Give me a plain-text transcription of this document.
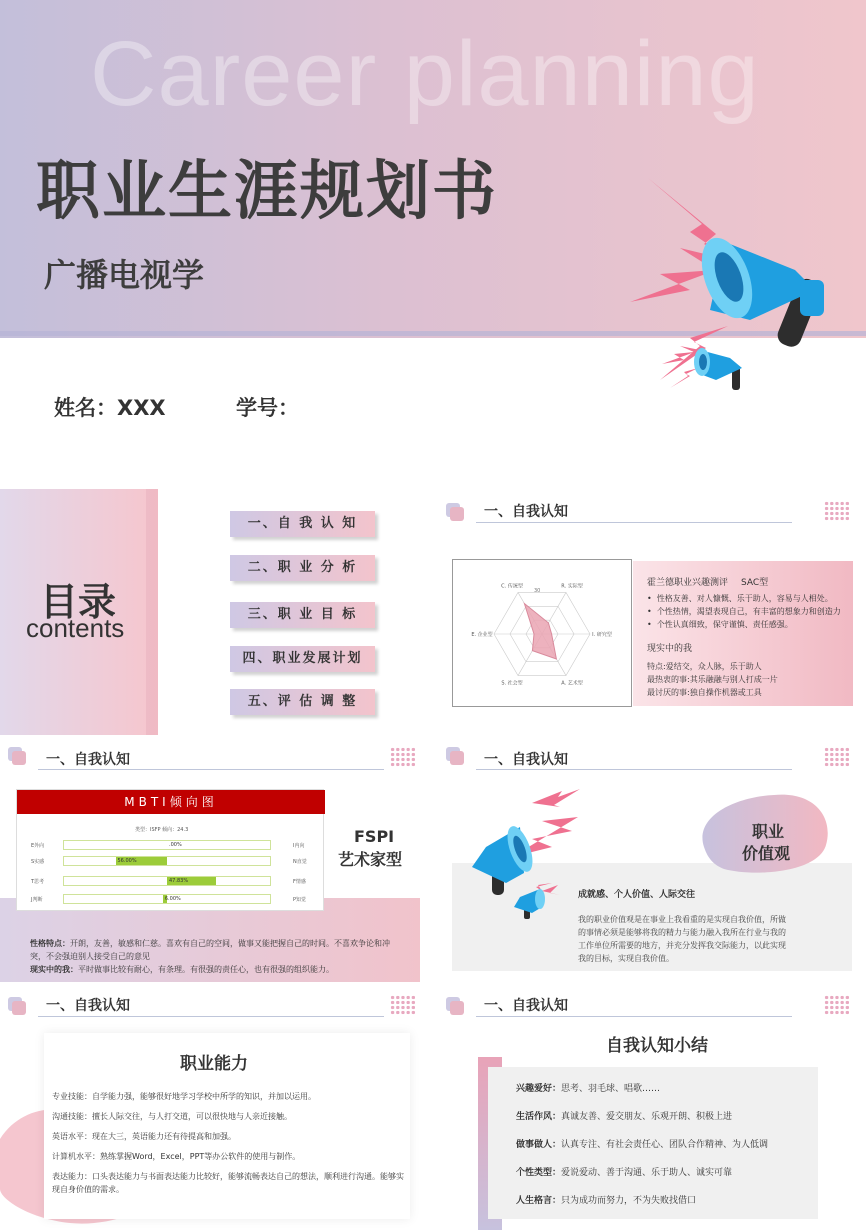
Career planning
职业生涯规划书
广播电视学
姓名：XXX	学号：
目录
contents
一、自 我 认 知
二、职 业 分 析
三、职 业 目 标
四、职业发展计划
五、评 估 调 整
一、自我认知
R. 实际型
I. 研究型
A. 艺术型
S. 社会型
E. 企业型
C. 传统型
30
霍兰德职业兴趣测评 SAC型
•  性格友善、对人慷慨、乐于助人，容易与人相处。
•  个性热情，渴望表现自己，有丰富的想象力和创造力
•  个性认真细致，保守谨慎、责任感强。
现实中的我
特点:爱结交，众人脉，乐于助人
最热衷的事:其乐融融与别人打成一片
最讨厌的事:独自操作机器或工具
一、自我认知
MBTI倾向图
类型：ISFP 倾向：24.3
E外向	.00%	I内向
S实感	56.00%	N直觉
T思考	47.83%	F情感
J判断	6.00%	P知觉
FSPI
艺术家型
性格特点：开朗，友善，敏感和仁慈。喜欢有自己的空间，做事又能把握自己的时间。不喜欢争论和冲突，不会强迫别人接受自己的意见
现实中的我：平时做事比较有耐心，有条理。有很强的责任心，也有很强的组织能力。
一、自我认知
职业
价值观
成就感、个人价值、人际交往
我的职业价值观是在事业上我看重的是实现自我价值，所做的事情必须是能够将我的精力与能力融入我所在行业与我的工作单位所需要的地方，并充分发挥我交际能力，以此实现我的目标，实现自我价值。
一、自我认知
职业能力
专业技能：自学能力强，能够很好地学习学校中所学的知识，并加以运用。
沟通技能：擅长人际交往，与人打交道，可以很快地与人亲近接触。
英语水平：现在大三，英语能力还有待提高和加强。
计算机水平：熟练掌握Word，Excel，PPT等办公软件的使用与制作。
表达能力：口头表达能力与书面表达能力比较好，能够流畅表达自己的想法，顺利进行沟通。能够实现自身价值的需求。
一、自我认知
自我认知小结
兴趣爱好：思考、羽毛球、唱歌……
生活作风：真诚友善、爱交朋友、乐观开朗、积极上进
做事做人：认真专注、有社会责任心、团队合作精神、为人低调
个性类型：爱说爱动、善于沟通、乐于助人、诚实可靠
人生格言：只为成功而努力，不为失败找借口
